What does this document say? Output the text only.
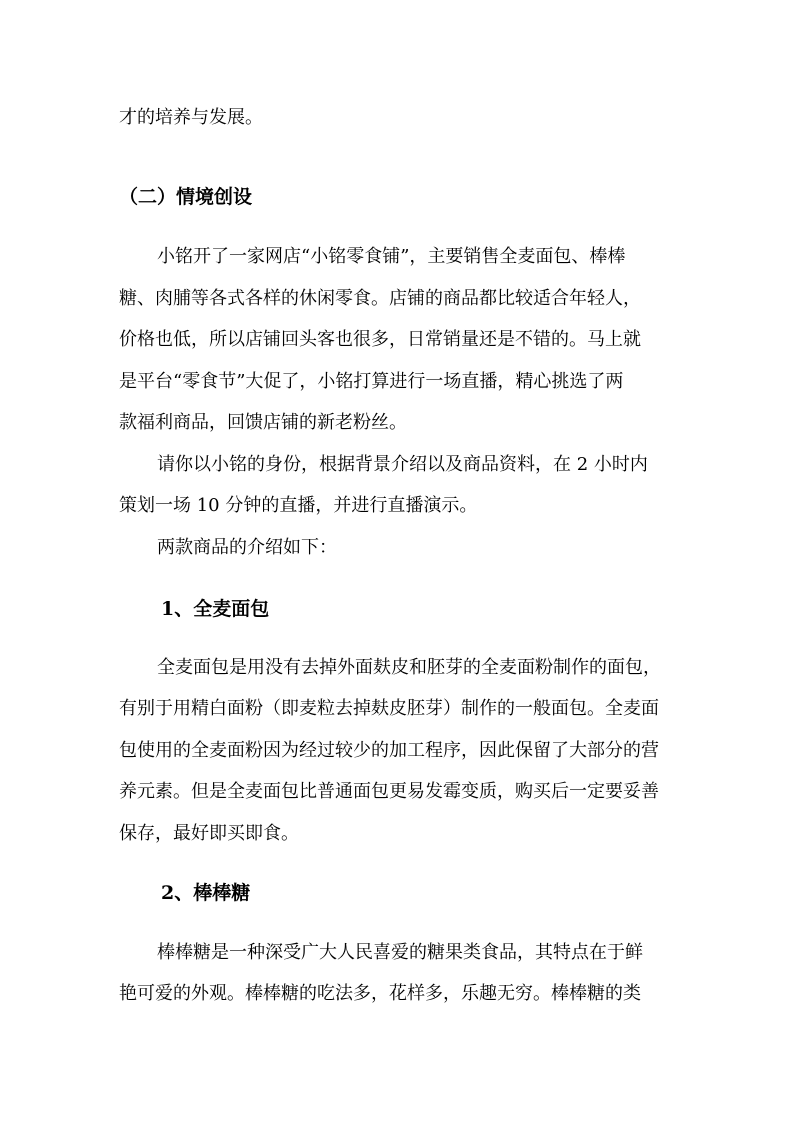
才的培养与发展。
（二）情境创设
小铭开了一家网店“小铭零食铺”，主要销售全麦面包、棒棒
糖、肉脯等各式各样的休闲零食。店铺的商品都比较适合年轻人，
价格也低，所以店铺回头客也很多，日常销量还是不错的。马上就
是平台“零食节”大促了，小铭打算进行一场直播，精心挑选了两
款福利商品，回馈店铺的新老粉丝。
请你以小铭的身份，根据背景介绍以及商品资料，在 2 小时内
策划一场 10 分钟的直播，并进行直播演示。
两款商品的介绍如下：
1、全麦面包
全麦面包是用没有去掉外面麸皮和胚芽的全麦面粉制作的面包，
有别于用精白面粉（即麦粒去掉麸皮胚芽）制作的一般面包。全麦面
包使用的全麦面粉因为经过较少的加工程序，因此保留了大部分的营
养元素。但是全麦面包比普通面包更易发霉变质，购买后一定要妥善
保存，最好即买即食。
2、棒棒糖
棒棒糖是一种深受广大人民喜爱的糖果类食品，其特点在于鲜
艳可爱的外观。棒棒糖的吃法多，花样多，乐趣无穷。棒棒糖的类
